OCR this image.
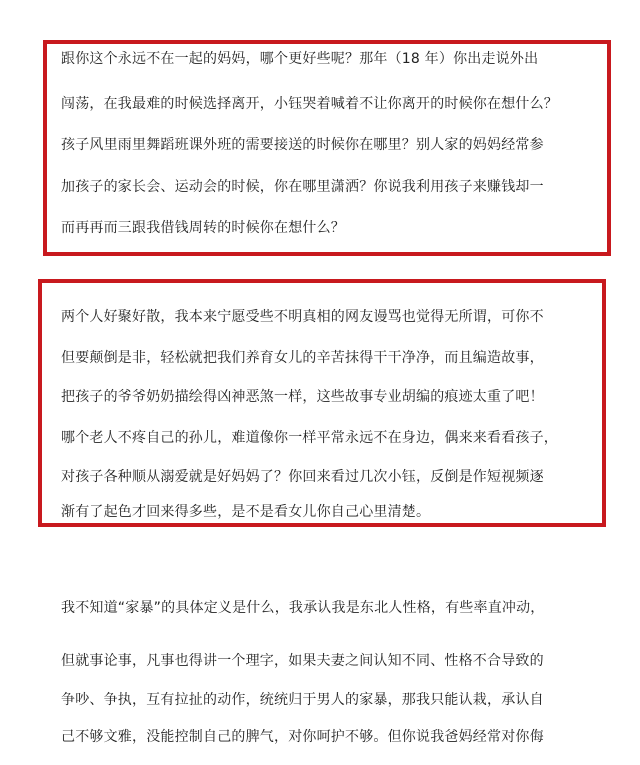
跟你这个永远不在一起的妈妈，哪个更好些呢？那年（18 年）你出走说外出
闯荡，在我最难的时候选择离开，小钰哭着喊着不让你离开的时候你在想什么？
孩子风里雨里舞蹈班课外班的需要接送的时候你在哪里？别人家的妈妈经常参
加孩子的家长会、运动会的时候，你在哪里潇洒？你说我利用孩子来赚钱却一
而再再而三跟我借钱周转的时候你在想什么？
两个人好聚好散，我本来宁愿受些不明真相的网友谩骂也觉得无所谓，可你不
但要颠倒是非，轻松就把我们养育女儿的辛苦抹得干干净净，而且编造故事，
把孩子的爷爷奶奶描绘得凶神恶煞一样，这些故事专业胡编的痕迹太重了吧！
哪个老人不疼自己的孙儿，难道像你一样平常永远不在身边，偶来来看看孩子，
对孩子各种顺从溺爱就是好妈妈了？你回来看过几次小钰，反倒是作短视频逐
渐有了起色才回来得多些，是不是看女儿你自己心里清楚。
我不知道“家暴”的具体定义是什么，我承认我是东北人性格，有些率直冲动，
但就事论事，凡事也得讲一个理字，如果夫妻之间认知不同、性格不合导致的
争吵、争执，互有拉扯的动作，统统归于男人的家暴，那我只能认栽，承认自
己不够文雅，没能控制自己的脾气，对你呵护不够。但你说我爸妈经常对你侮
